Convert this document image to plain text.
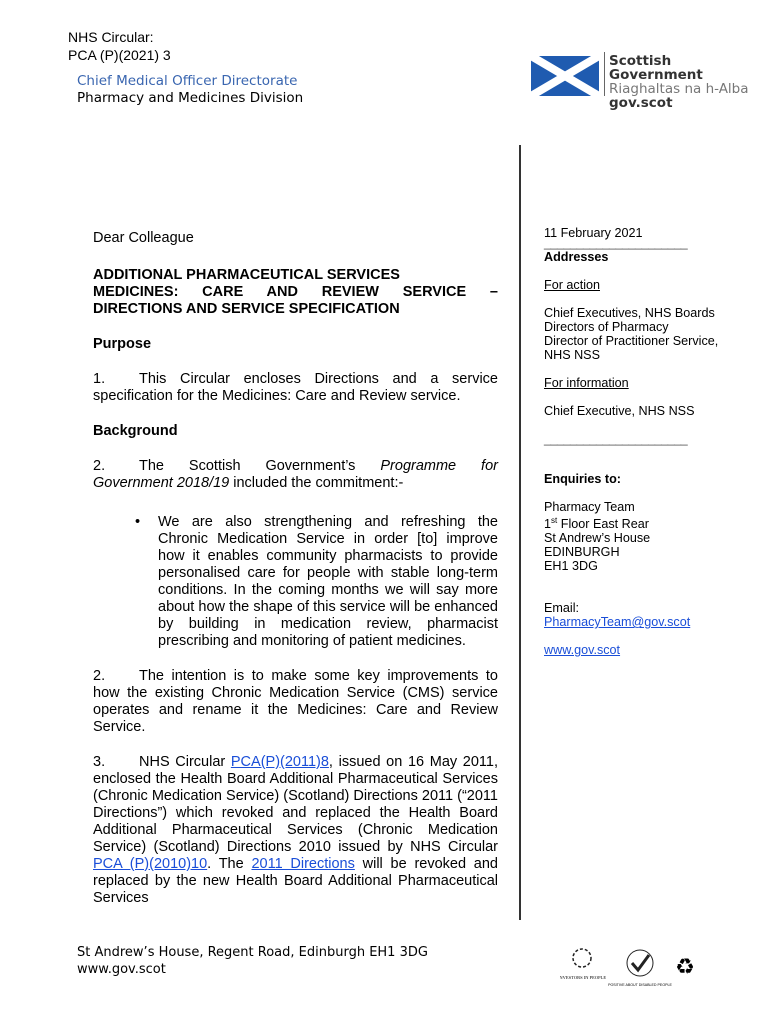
NHS Circular:
PCA (P)(2021) 3
Chief Medical Officer Directorate
Pharmacy and Medicines Division
Scottish Government
Riaghaltas na h-Alba
gov.scot

Dear Colleague

ADDITIONAL PHARMACEUTICAL SERVICES
MEDICINES: CARE AND REVIEW SERVICE –
DIRECTIONS AND SERVICE SPECIFICATION
Purpose

1. This Circular encloses Directions and a service specification for the Medicines: Care and Review service.

Background

2. The Scottish Government’s Programme for Government 2018/19 included the commitment:-

• We are also strengthening and refreshing the Chronic Medication Service in order [to] improve how it enables community pharmacists to provide personalised care for people with stable long-term conditions. In the coming months we will say more about how the shape of this service will be enhanced by building in medication review, pharmacist prescribing and monitoring of patient medicines.

2. The intention is to make some key improvements to how the existing Chronic Medication Service (CMS) service operates and rename it the Medicines: Care and Review Service.

3. NHS Circular PCA(P)(2011)8, issued on 16 May 2011, enclosed the Health Board Additional Pharmaceutical Services (Chronic Medication Service) (Scotland) Directions 2011 (“2011 Directions”) which revoked and replaced the Health Board Additional Pharmaceutical Services (Chronic Medication Service) (Scotland) Directions 2010 issued by NHS Circular PCA (P)(2010)10. The 2011 Directions will be revoked and replaced by the new Health Board Additional Pharmaceutical Services

11 February 2021
______________________
Addresses
For action
Chief Executives, NHS Boards
Directors of Pharmacy
Director of Practitioner Service,
NHS NSS
For information
Chief Executive, NHS NSS
______________________
Enquiries to:
Pharmacy Team
1st Floor East Rear
St Andrew’s House
EDINBURGH
EH1 3DG
Email:
PharmacyTeam@gov.scot
www.gov.scot
St Andrew’s House, Regent Road, Edinburgh EH1 3DG
www.gov.scot
INVESTORS IN PEOPLE
POSITIVE ABOUT DISABLED PEOPLE
♻
